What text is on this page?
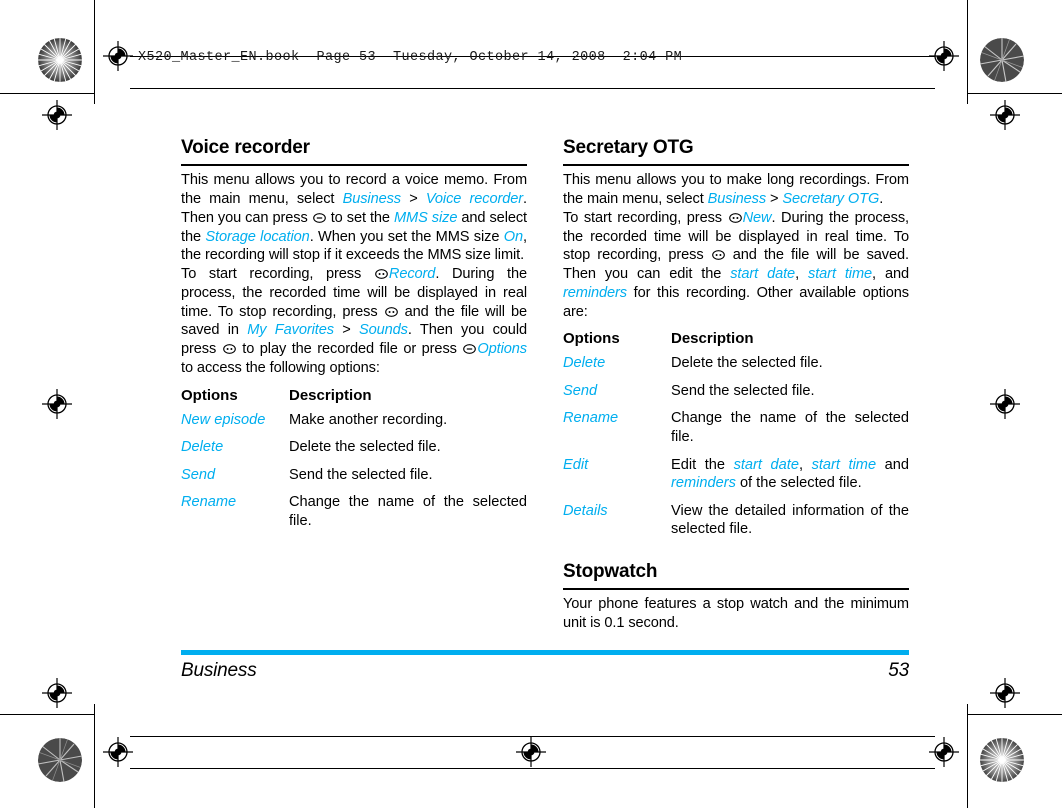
X520_Master_EN.book  Page 53  Tuesday, October 14, 2008  2:04 PM
Voice recorder

This menu allows you to record a voice memo. From the main menu, select Business > Voice recorder. Then you can press
to set the MMS size and select the Storage location. When you set the MMS size On, the recording will stop if it exceeds the MMS size limit.

To start recording, press
Record. During the process, the recorded time will be displayed in real time. To stop recording, press
and the file will be saved in My Favorites > Sounds. Then you could press
to play the recorded file or press
Options to access the following options:

Options	Description
New episode	Make another recording.
Delete	Delete the selected file.
Send	Send the selected file.
Rename	Change the name of the selected file.
Secretary OTG

This menu allows you to make long recordings. From the main menu, select Business > Secretary OTG.

To start recording, press
New. During the process, the recorded time will be displayed in real time. To stop recording, press
and the file will be saved. Then you can edit the start date, start time, and reminders for this recording. Other available options are:

Options	Description
Delete	Delete the selected file.
Send	Send the selected file.
Rename	Change the name of the selected file.
Edit	Edit the start date, start time and reminders of the selected file.
Details	View the detailed information of the selected file.
Stopwatch

Your phone features a stop watch and the minimum unit is 0.1 second.

Business	53
